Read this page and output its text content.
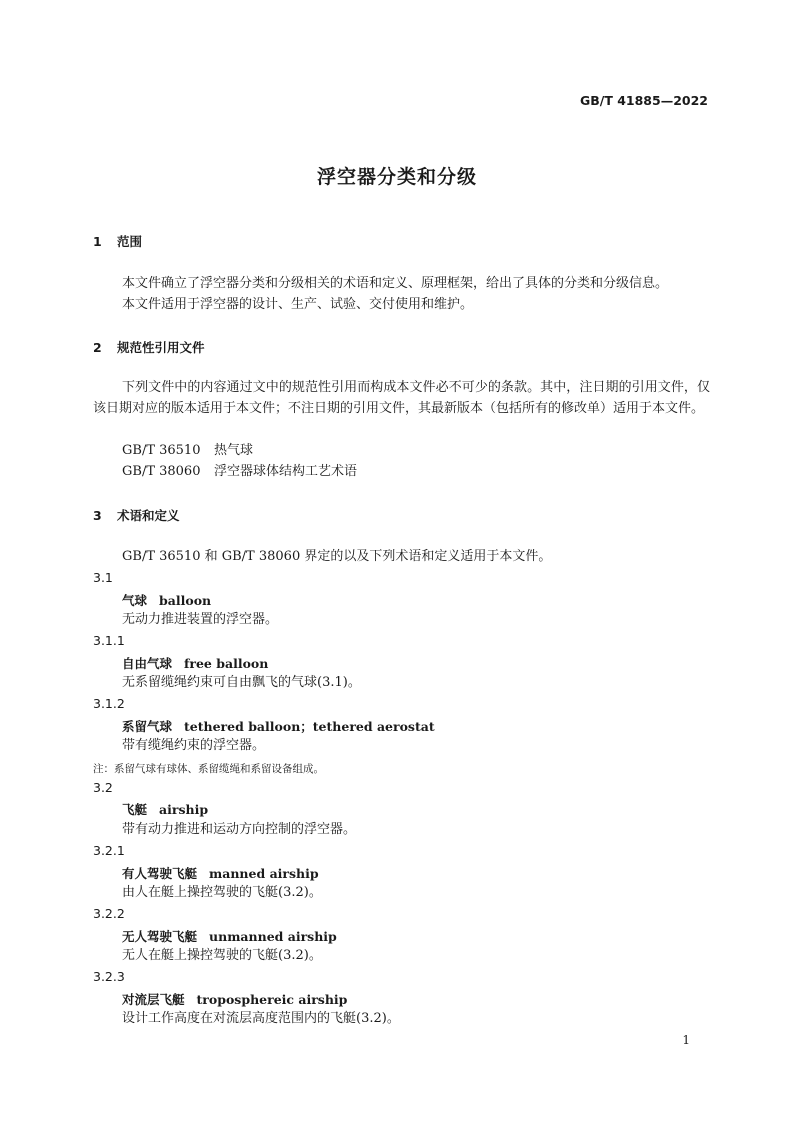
GB/T 41885—2022
浮空器分类和分级
1 范围
本文件确立了浮空器分类和分级相关的术语和定义、原理框架，给出了具体的分类和分级信息。
本文件适用于浮空器的设计、生产、试验、交付使用和维护。
2 规范性引用文件
下列文件中的内容通过文中的规范性引用而构成本文件必不可少的条款。其中，注日期的引用文件，仅该日期对应的版本适用于本文件；不注日期的引用文件，其最新版本（包括所有的修改单）适用于本文件。
GB/T 36510 热气球
GB/T 38060 浮空器球体结构工艺术语
3 术语和定义
GB/T 36510 和 GB/T 38060 界定的以及下列术语和定义适用于本文件。
3.1
气球 balloon
无动力推进装置的浮空器。
3.1.1
自由气球 free balloon
无系留缆绳约束可自由飘飞的气球(3.1)。
3.1.2
系留气球 tethered balloon；tethered aerostat
带有缆绳约束的浮空器。
注：系留气球有球体、系留缆绳和系留设备组成。
3.2
飞艇 airship
带有动力推进和运动方向控制的浮空器。
3.2.1
有人驾驶飞艇 manned airship
由人在艇上操控驾驶的飞艇(3.2)。
3.2.2
无人驾驶飞艇 unmanned airship
无人在艇上操控驾驶的飞艇(3.2)。
3.2.3
对流层飞艇 troposphereic airship
设计工作高度在对流层高度范围内的飞艇(3.2)。
1
